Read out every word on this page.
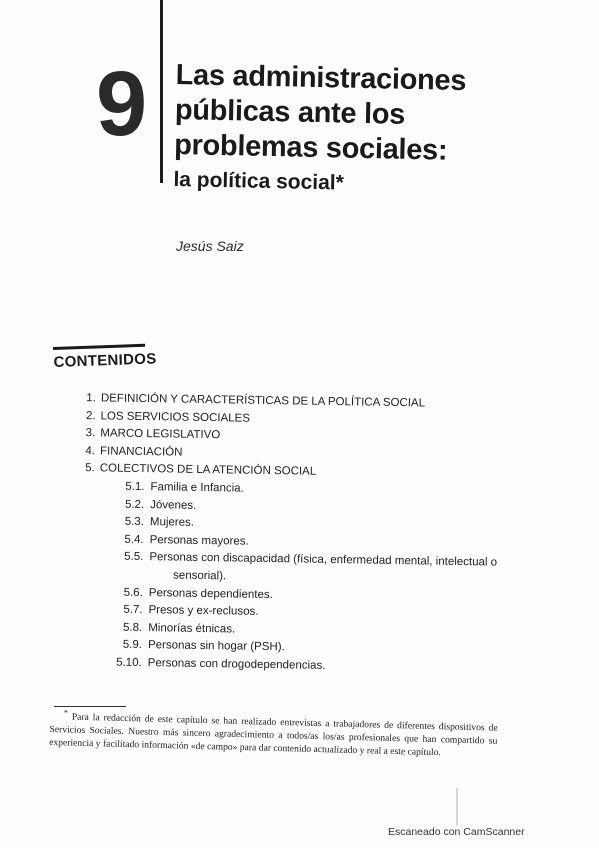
9 Las administraciones
públicas ante los
problemas sociales:
la política social*
Jesús Saiz
CONTENIDOS
1. DEFINICIÓN Y CARACTERÍSTICAS DE LA POLÍTICA SOCIAL
2. LOS SERVICIOS SOCIALES
3. MARCO LEGISLATIVO
4. FINANCIACIÓN
5. COLECTIVOS DE LA ATENCIÓN SOCIAL
5.1. Familia e Infancia.
5.2. Jóvenes.
5.3. Mujeres.
5.4. Personas mayores.
5.5. Personas con discapacidad (física, enfermedad mental, intelectual o
sensorial).
5.6. Personas dependientes.
5.7. Presos y ex-reclusos.
5.8. Minorías étnicas.
5.9. Personas sin hogar (PSH).
5.10. Personas con drogodependencias.
* Para la redacción de este capítulo se han realizado entrevistas a trabajadores de diferentes dispositivos de Servicios Sociales. Nuestro más sincero agradecimiento a todos/as los/as profesionales que han compartido su experiencia y facilitado información «de campo» para dar contenido actualizado y real a este capítulo.
Escaneado con CamScanner
